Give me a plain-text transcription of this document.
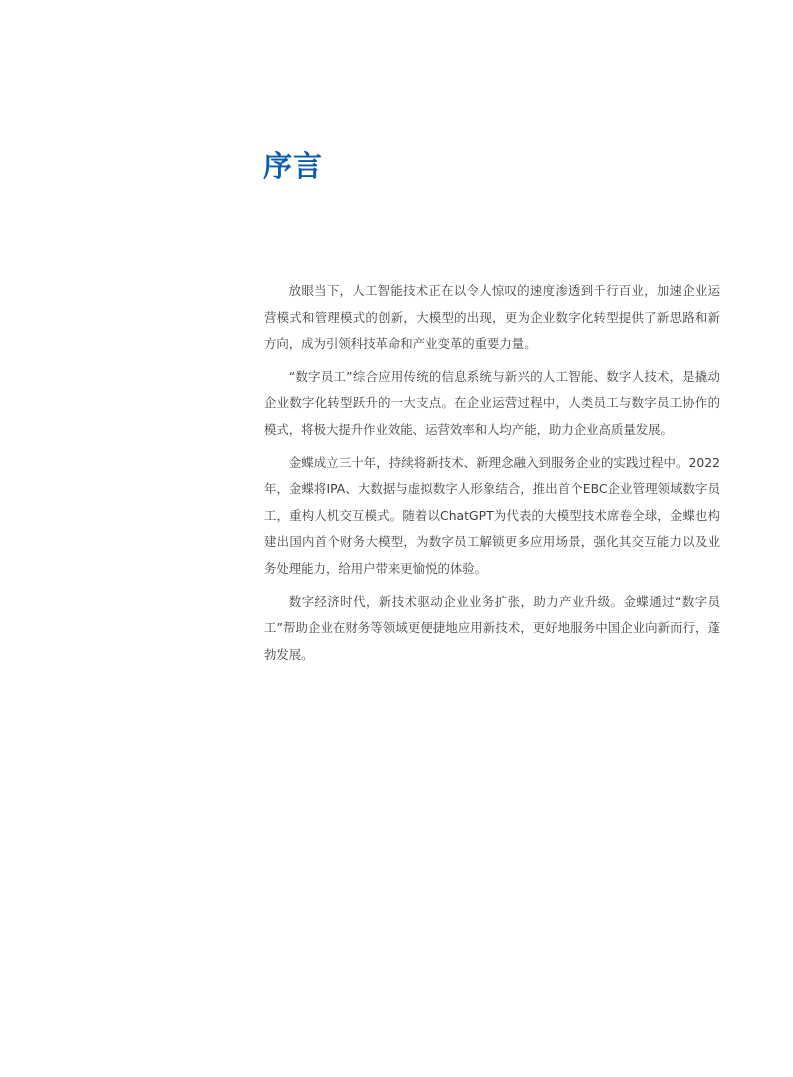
序言

放眼当下，人工智能技术正在以令人惊叹的速度渗透到千行百业，加速企业运营模式和管理模式的创新，大模型的出现，更为企业数字化转型提供了新思路和新方向，成为引领科技革命和产业变革的重要力量。

“数字员工”综合应用传统的信息系统与新兴的人工智能、数字人技术，是撬动企业数字化转型跃升的一大支点。在企业运营过程中，人类员工与数字员工协作的模式，将极大提升作业效能、运营效率和人均产能，助力企业高质量发展。

金蝶成立三十年，持续将新技术、新理念融入到服务企业的实践过程中。2022年，金蝶将IPA、大数据与虚拟数字人形象结合，推出首个EBC企业管理领域数字员工，重构人机交互模式。随着以ChatGPT为代表的大模型技术席卷全球，金蝶也构建出国内首个财务大模型，为数字员工解锁更多应用场景，强化其交互能力以及业务处理能力，给用户带来更愉悦的体验。

数字经济时代，新技术驱动企业业务扩张，助力产业升级。金蝶通过“数字员工”帮助企业在财务等领域更便捷地应用新技术，更好地服务中国企业向新而行，蓬勃发展。
